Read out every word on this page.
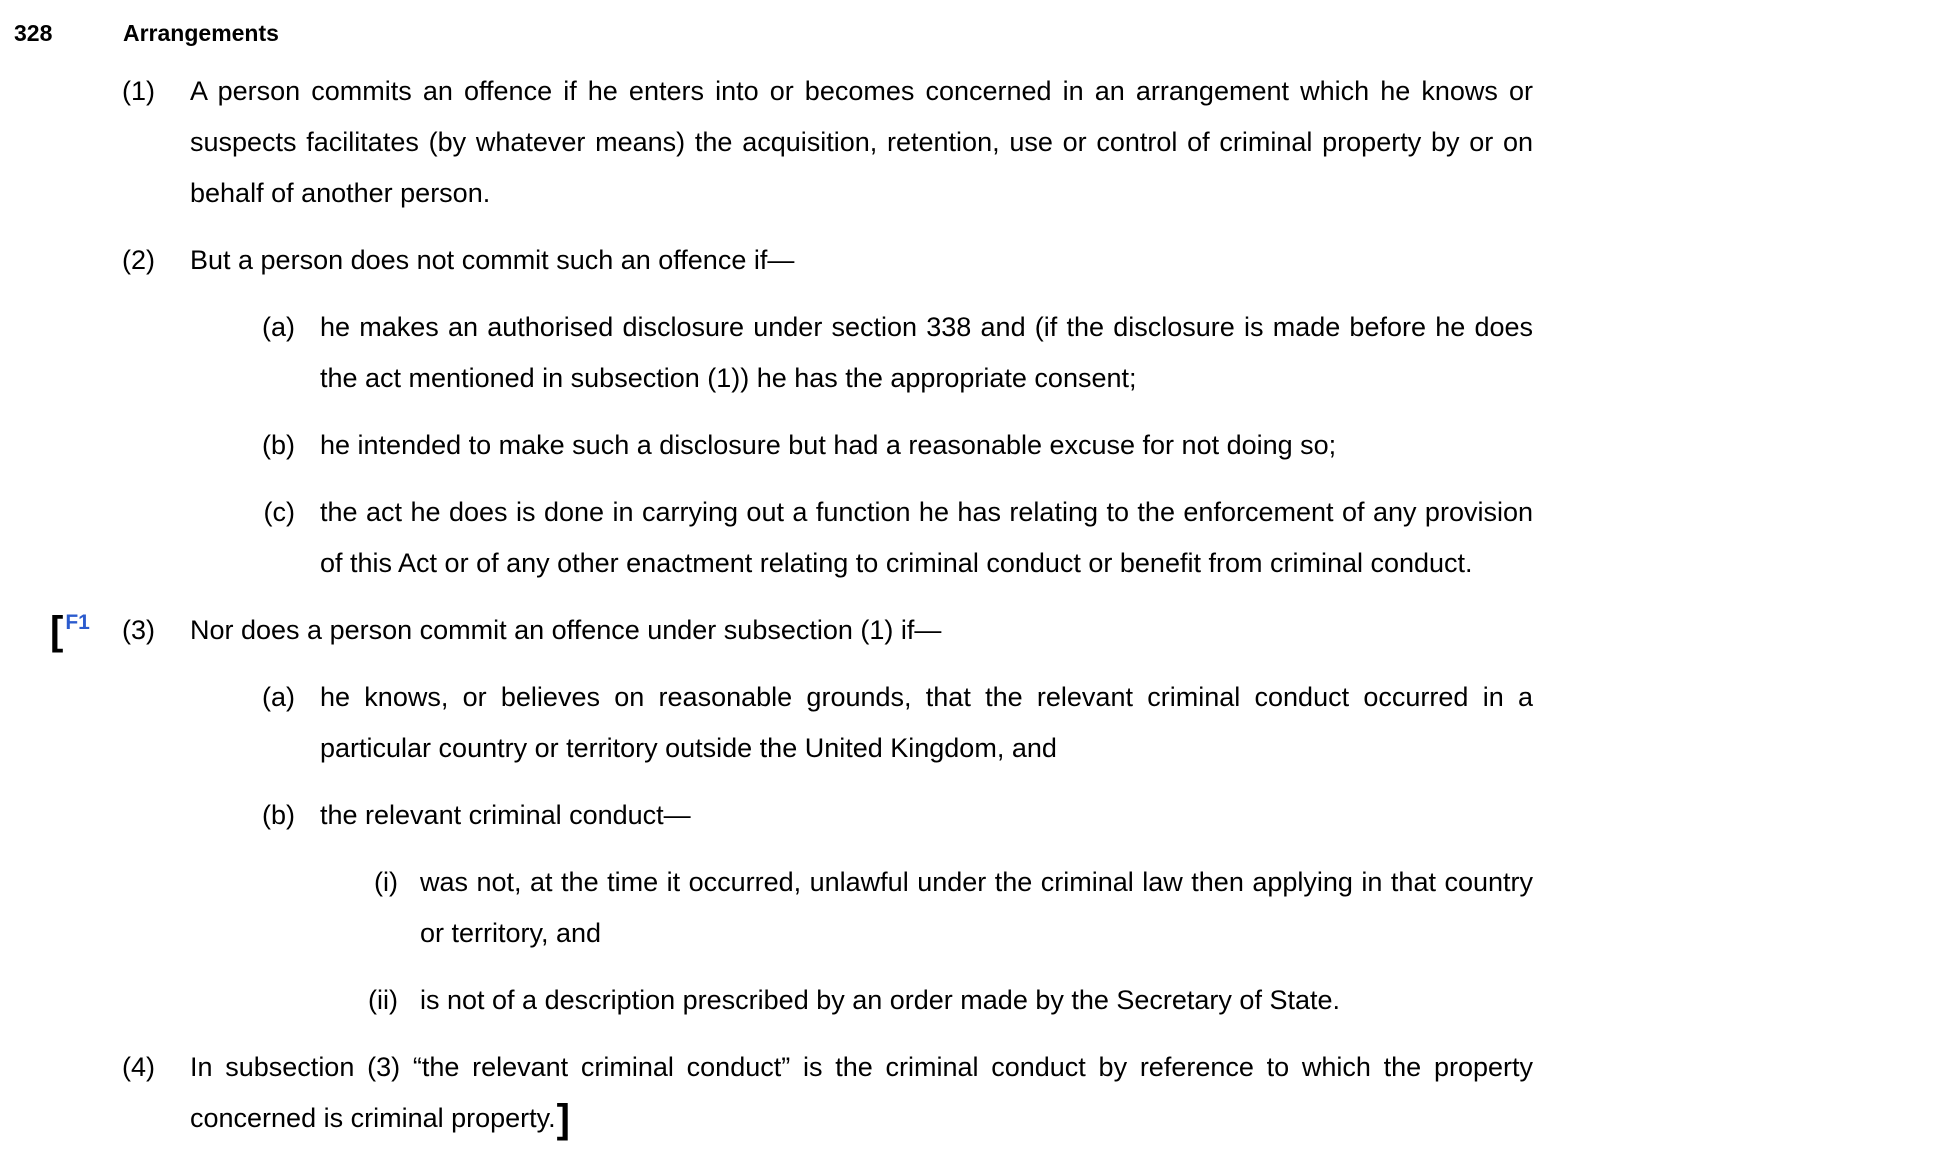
328	Arrangements
(1)	A person commits an offence if he enters into or becomes concerned in an arrangement which he knows or suspects facilitates (by whatever means) the acquisition, retention, use or control of criminal property by or on behalf of another person.
(2)	But a person does not commit such an offence if—
(a) he makes an authorised disclosure under section 338 and (if the disclosure is made before he does the act mentioned in subsection (1)) he has the appropriate consent;
(b) he intended to make such a disclosure but had a reasonable excuse for not doing so;
(c) the act he does is done in carrying out a function he has relating to the enforcement of any provision of this Act or of any other enactment relating to criminal conduct or benefit from criminal conduct.
[$^{F1}$ (3)	Nor does a person commit an offence under subsection (1) if—
(a) he knows, or believes on reasonable grounds, that the relevant criminal conduct occurred in a particular country or territory outside the United Kingdom, and
(b) the relevant criminal conduct—
(i) was not, at the time it occurred, unlawful under the criminal law then applying in that country or territory, and
(ii) is not of a description prescribed by an order made by the Secretary of State.
(4)	In subsection (3) “the relevant criminal conduct” is the criminal conduct by reference to which the property concerned is criminal property.]
